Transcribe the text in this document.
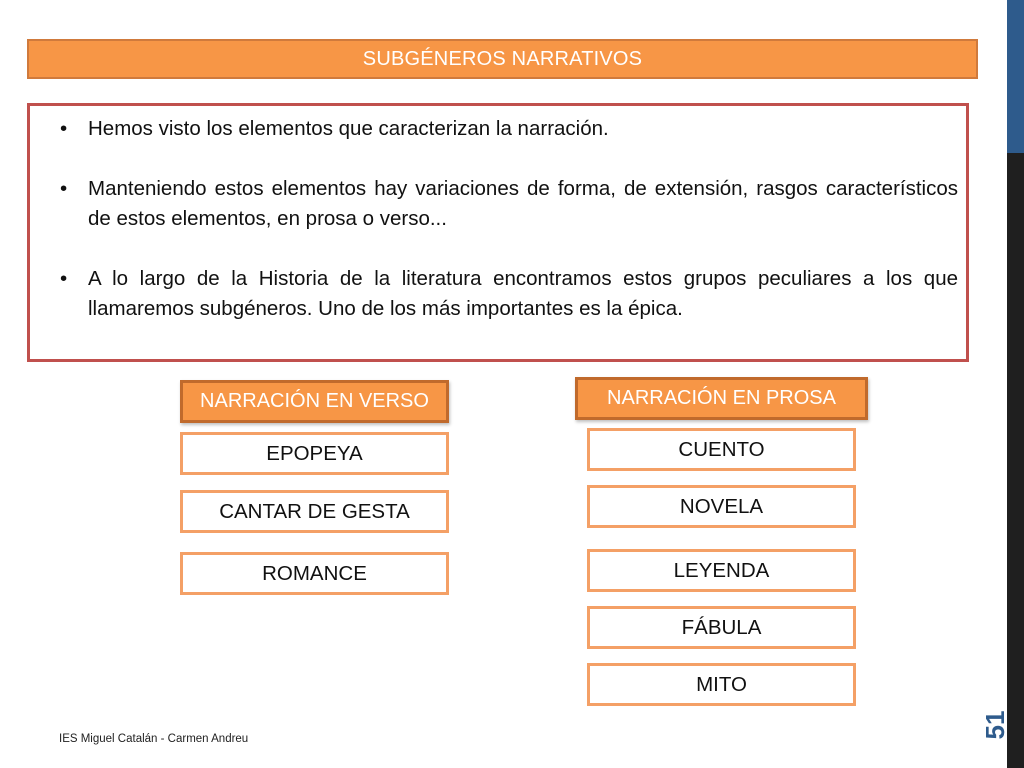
SUBGÉNEROS NARRATIVOS
• Hemos visto los elementos que caracterizan la narración.
• Manteniendo estos elementos hay variaciones de forma, de extensión, rasgos característicos de estos elementos, en prosa o verso...
• A lo largo de la Historia de la literatura encontramos estos grupos peculiares a los que llamaremos subgéneros. Uno de los más importantes es la épica.
NARRACIÓN EN VERSO
EPOPEYA
CANTAR DE GESTA
ROMANCE
NARRACIÓN EN PROSA
CUENTO
NOVELA
LEYENDA
FÁBULA
MITO
IES Miguel Catalán - Carmen Andreu	51
